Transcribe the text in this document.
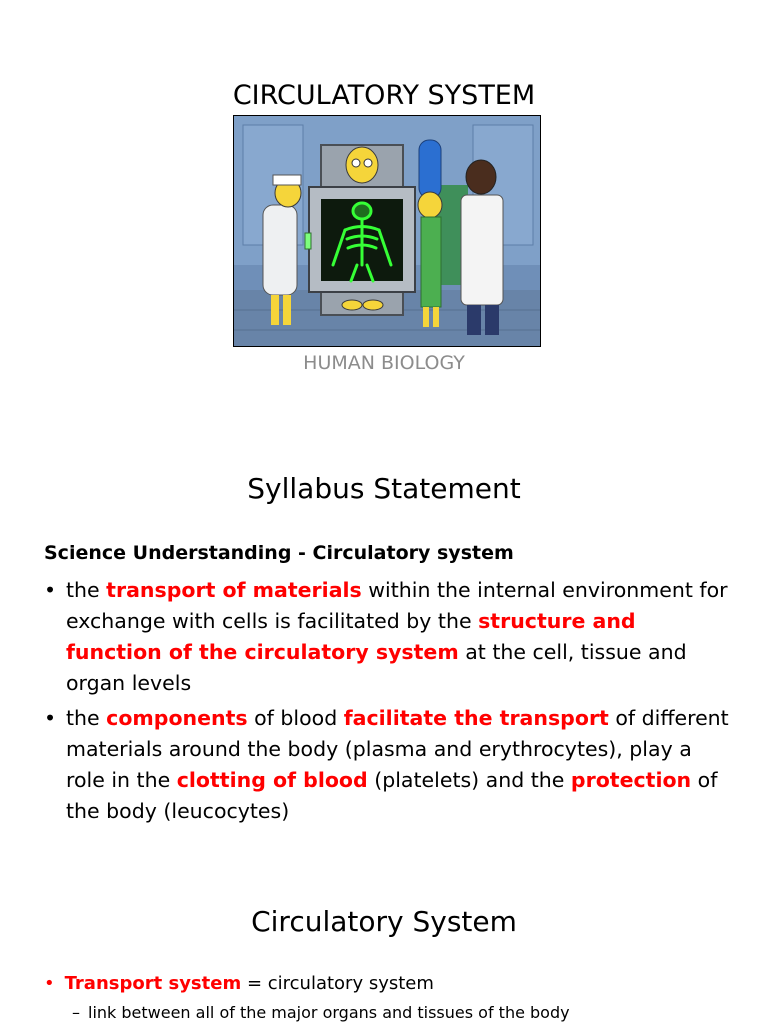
CIRCULATORY SYSTEM
HUMAN BIOLOGY
Syllabus Statement
Science Understanding - Circulatory system
• the transport of materials within the internal environment for exchange with cells is facilitated by the structure and function of the circulatory system at the cell, tissue and organ levels
• the components of blood facilitate the transport of different materials around the body (plasma and erythrocytes), play a role in the clotting of blood (platelets) and the protection of the body (leucocytes)
Circulatory System
• Transport system = circulatory system
– link between all of the major organs and tissues of the body
